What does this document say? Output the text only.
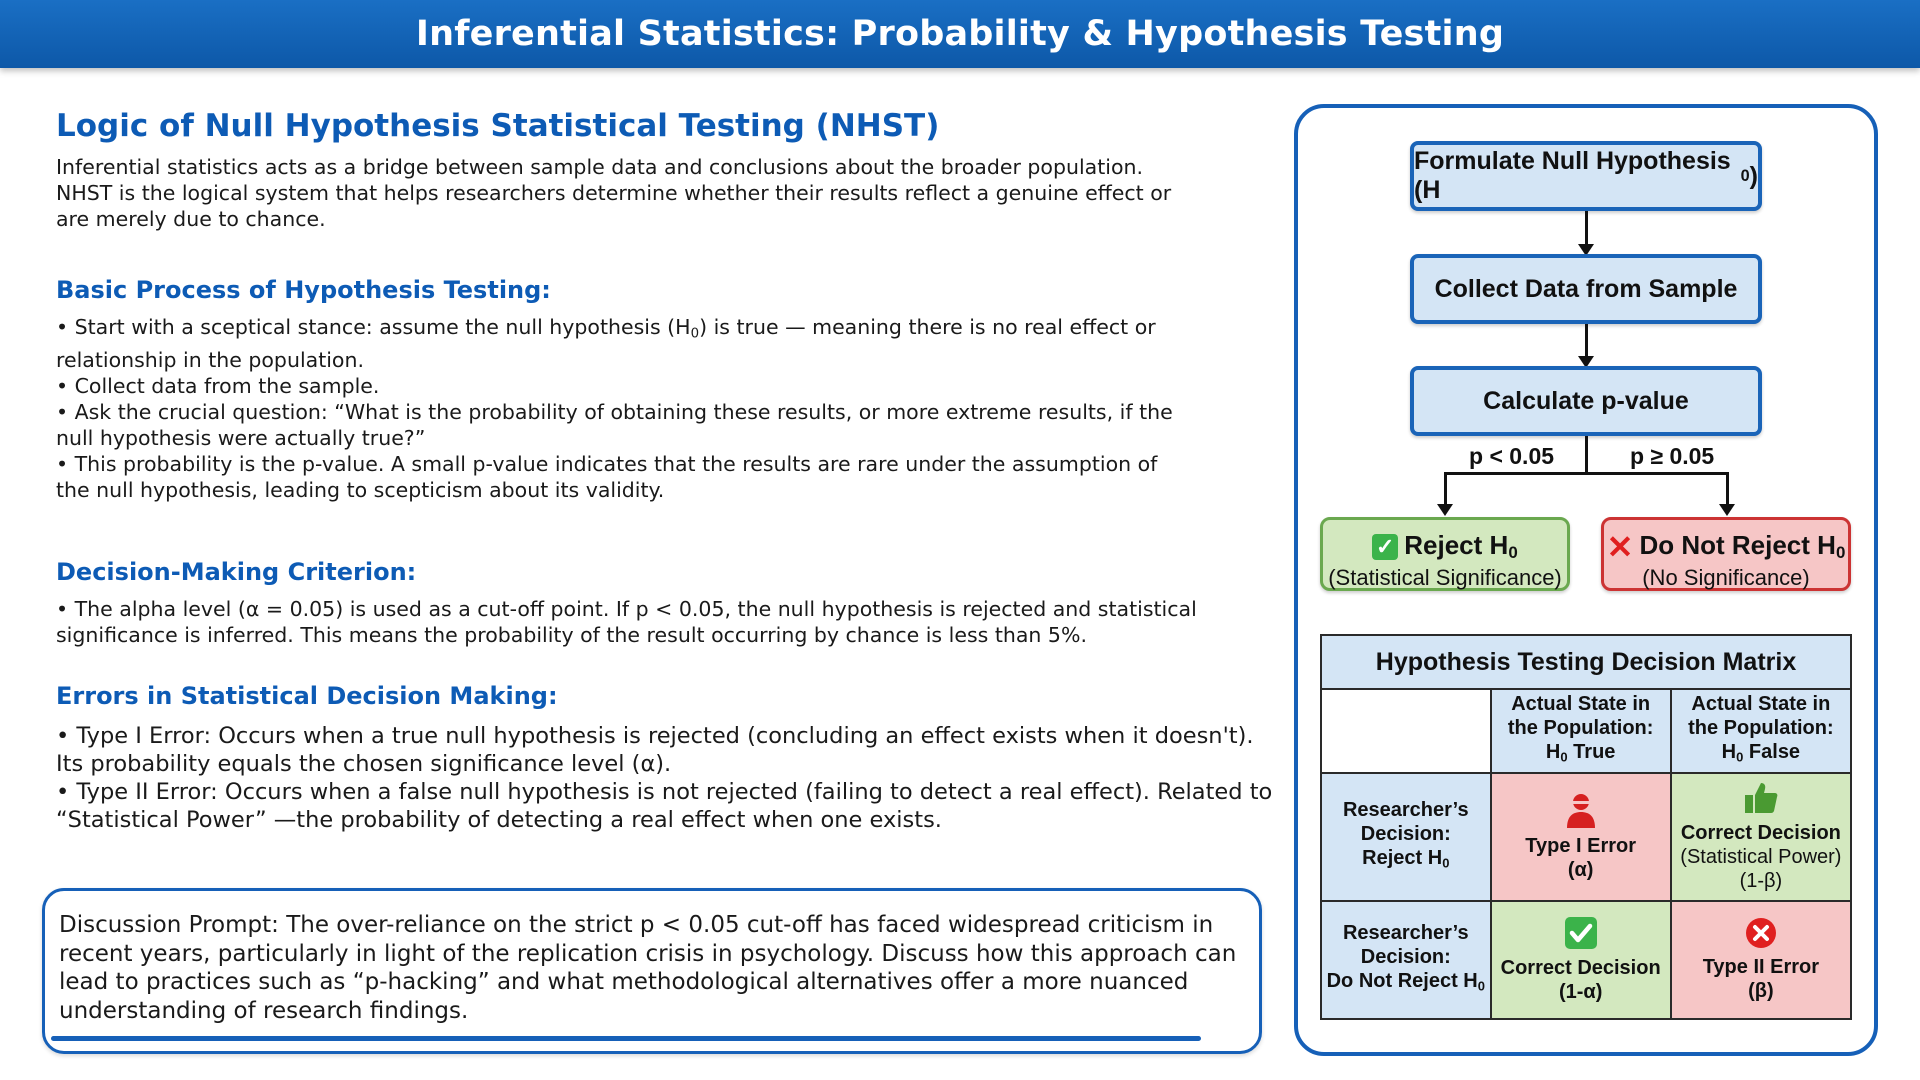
Inferential Statistics: Probability & Hypothesis Testing
Logic of Null Hypothesis Statistical Testing (NHST)
Inferential statistics acts as a bridge between sample data and conclusions about the broader population.
NHST is the logical system that helps researchers determine whether their results reflect a genuine effect or
are merely due to chance.
Basic Process of Hypothesis Testing:
• Start with a sceptical stance: assume the null hypothesis $(H_0)$ is true — meaning there is no real effect or
relationship in the population.
• Collect data from the sample.
• Ask the crucial question: “What is the probability of obtaining these results, or more extreme results, if the
null hypothesis were actually true?”
• This probability is the p-value. A small p-value indicates that the results are rare under the assumption of
the null hypothesis, leading to scepticism about its validity.
Decision-Making Criterion:
• The alpha level (α = 0.05) is used as a cut-off point. If p < 0.05, the null hypothesis is rejected and statistical
significance is inferred. This means the probability of the result occurring by chance is less than 5%.
Errors in Statistical Decision Making:
• Type I Error: Occurs when a true null hypothesis is rejected (concluding an effect exists when it doesn't).
Its probability equals the chosen significance level (α).
• Type II Error: Occurs when a false null hypothesis is not rejected (failing to detect a real effect). Related to
“Statistical Power” —the probability of detecting a real effect when one exists.
Discussion Prompt: The over-reliance on the strict p < 0.05 cut-off has faced widespread criticism in
recent years, particularly in light of the replication crisis in psychology. Discuss how this approach can
lead to practices such as “p-hacking” and what methodological alternatives offer a more nuanced
understanding of research findings.
Formulate Null Hypothesis (H
0 )
Collect Data from Sample
Calculate p-value
p < 0.05	p ≥ 0.05
✓ Reject $H_0$
(Statistical Significance)
✕ Do Not Reject $H_0$
(No Significance)
Hypothesis Testing Decision Matrix		

	Actual State in
the Population:
$H_0$ True	Actual State in
the Population:
$H_0$ False

Researcher’s
Decision:
Reject $H_0$	Type I Error
(α)	Correct Decision
(Statistical Power)
(1-β)

Researcher’s
Decision:
Do Not Reject $H_0$	Correct Decision
(1-α)	Type II Error
(β)
